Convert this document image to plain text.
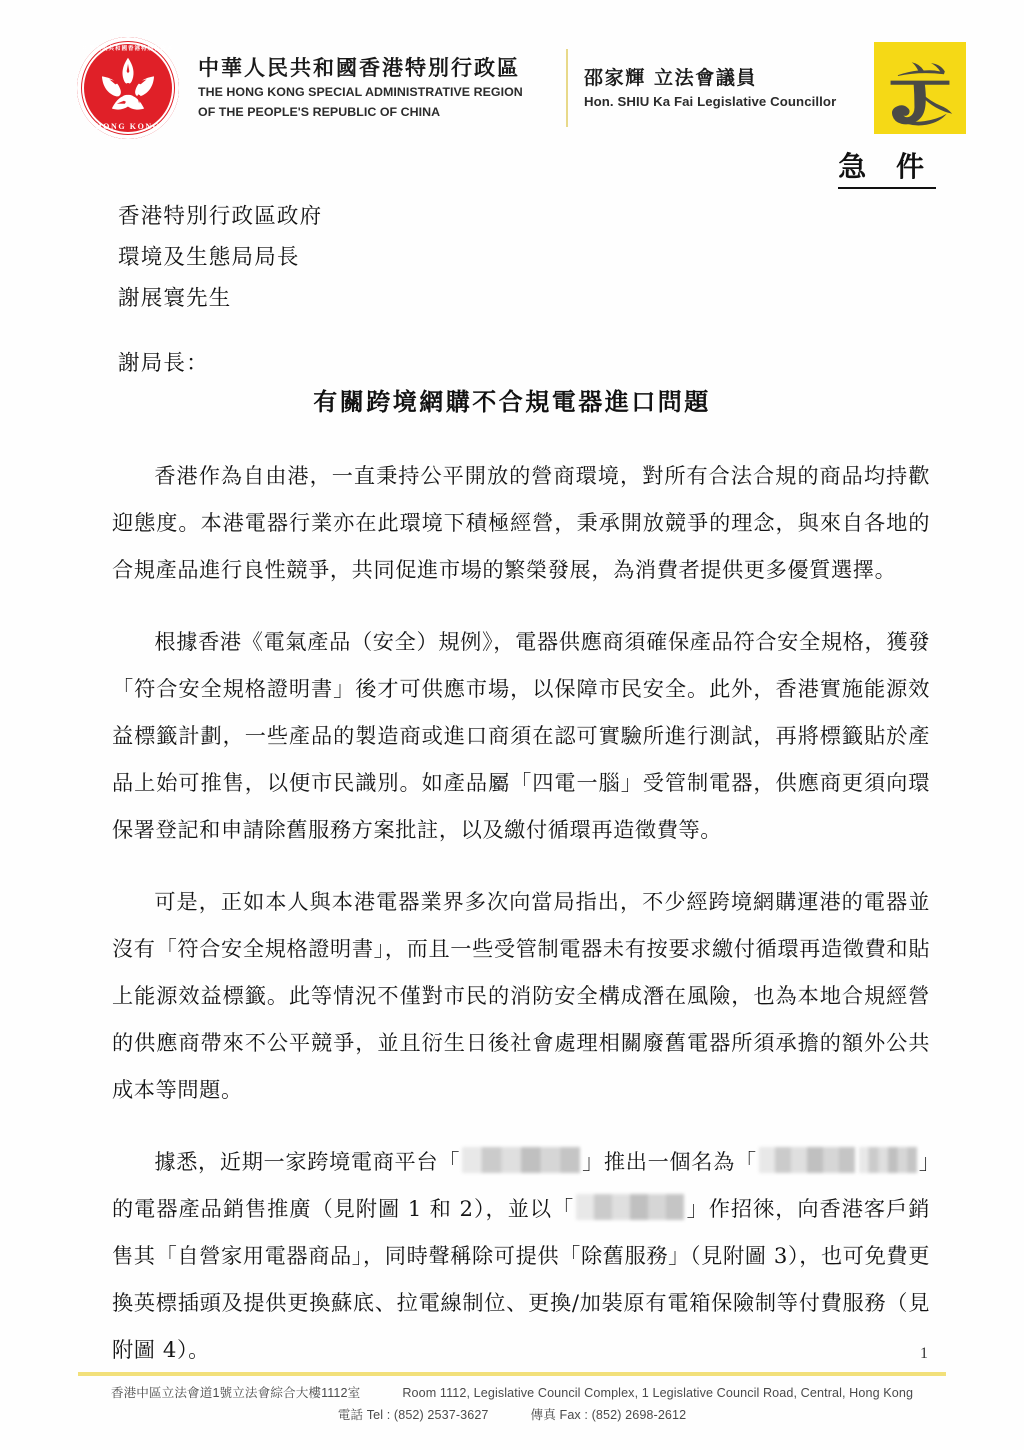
中華人民共和國香港特別行政區
HONG KONG
中華人民共和國香港特別行政區
THE HONG KONG SPECIAL ADMINISTRATIVE REGION
OF THE PEOPLE'S REPUBLIC OF CHINA
邵家輝 立法會議員
Hon. SHIU Ka Fai Legislative Councillor
急 件
香港特別行政區政府
環境及生態局局長
謝展寰先生
謝局長：
有關跨境網購不合規電器進口問題

香港作為自由港，一直秉持公平開放的營商環境，對所有合法合規的商品均持歡迎態度。本港電器行業亦在此環境下積極經營，秉承開放競爭的理念，與來自各地的合規產品進行良性競爭，共同促進市場的繁榮發展，為消費者提供更多優質選擇。

根據香港《電氣產品（安全）規例》，電器供應商須確保產品符合安全規格，獲發「符合安全規格證明書」後才可供應市場，以保障市民安全。此外，香港實施能源效益標籤計劃，一些產品的製造商或進口商須在認可實驗所進行測試，再將標籤貼於產品上始可推售，以便市民識別。如產品屬「四電一腦」受管制電器，供應商更須向環保署登記和申請除舊服務方案批註，以及繳付循環再造徵費等。

可是，正如本人與本港電器業界多次向當局指出，不少經跨境網購運港的電器並沒有「符合安全規格證明書」，而且一些受管制電器未有按要求繳付循環再造徵費和貼上能源效益標籤。此等情況不僅對市民的消防安全構成潛在風險，也為本地合規經營的供應商帶來不公平競爭，並且衍生日後社會處理相關廢舊電器所須承擔的額外公共成本等問題。

據悉，近期一家跨境電商平台「	」推出一個名為「	」的電器產品銷售推廣（見附圖 1 和 2），並以「	」作招徠，向香港客戶銷售其「自營家用電器商品」，同時聲稱除可提供「除舊服務」（見附圖 3），也可免費更換英標插頭及提供更換蘇底、拉電線制位、更換/加裝原有電箱保險制等付費服務（見附圖 4）。	1
香港中區立法會道1號立法會綜合大樓1112室	Room 1112, Legislative Council Complex, 1 Legislative Council Road, Central, Hong Kong
電話 Tel : (852) 2537-3627	傳真 Fax : (852) 2698-2612
